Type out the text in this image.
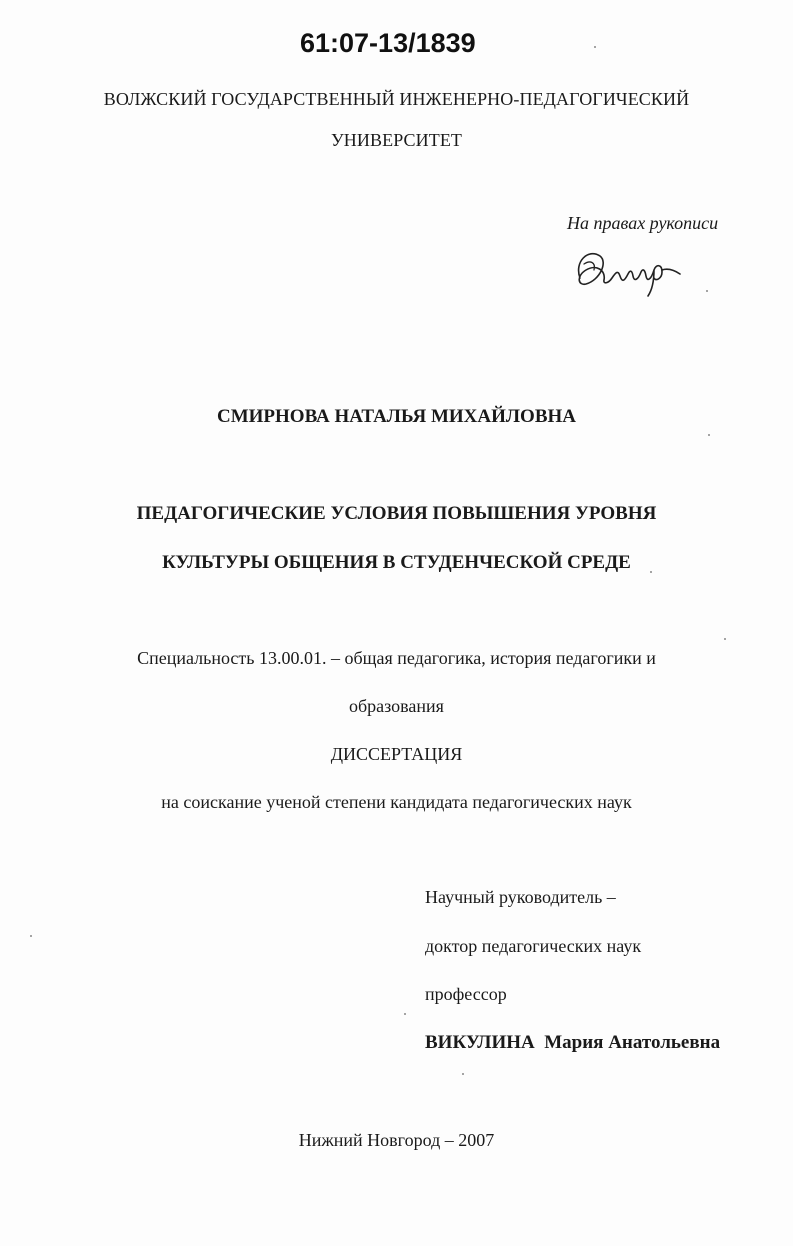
61:07-13/1839
ВОЛЖСКИЙ ГОСУДАРСТВЕННЫЙ ИНЖЕНЕРНО-ПЕДАГОГИЧЕСКИЙ
УНИВЕРСИТЕТ
На правах рукописи
СМИРНОВА НАТАЛЬЯ МИХАЙЛОВНА
ПЕДАГОГИЧЕСКИЕ УСЛОВИЯ ПОВЫШЕНИЯ УРОВНЯ
КУЛЬТУРЫ ОБЩЕНИЯ В СТУДЕНЧЕСКОЙ СРЕДЕ
Специальность 13.00.01. – общая педагогика, история педагогики и
образования
ДИССЕРТАЦИЯ
на соискание ученой степени кандидата педагогических наук
Научный руководитель –
доктор педагогических наук
профессор
ВИКУЛИНА Мария Анатольевна
Нижний Новгород – 2007
